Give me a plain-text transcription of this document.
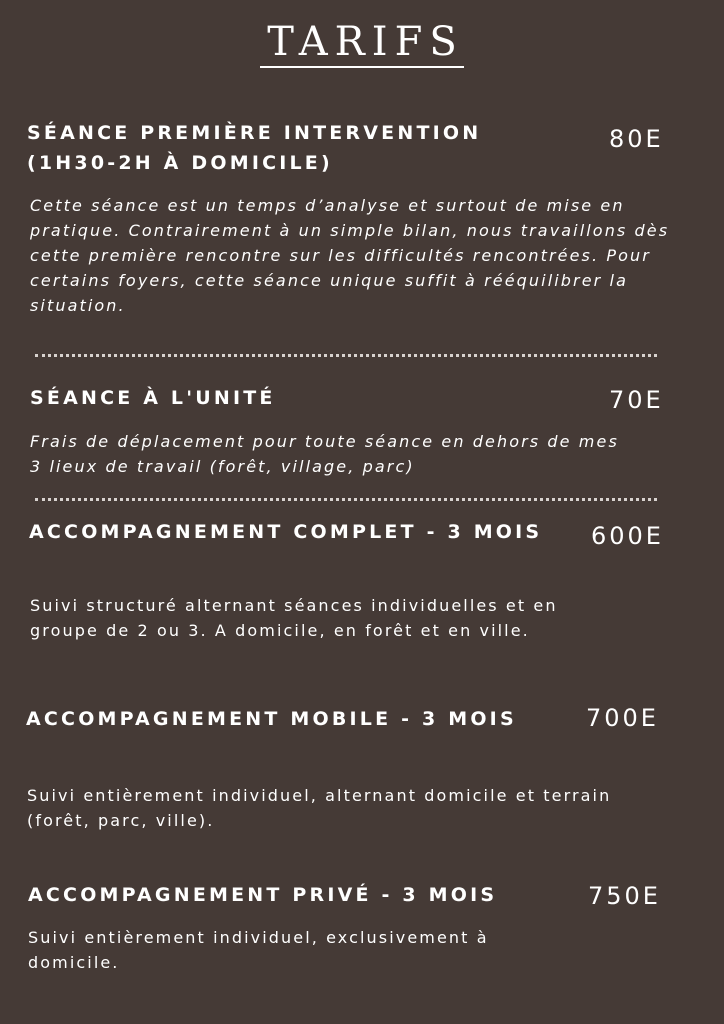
TARIFS
SÉANCE PREMIÈRE INTERVENTION (1H30-2H À DOMICILE)
80E

Cette séance est un temps d’analyse et surtout de mise en pratique. Contrairement à un simple bilan, nous travaillons dès cette première rencontre sur les difficultés rencontrées. Pour certains foyers, cette séance unique suffit à rééquilibrer la situation.

SÉANCE À L'UNITÉ	70E

Frais de déplacement pour toute séance en dehors de mes 3 lieux de travail (forêt, village, parc)

ACCOMPAGNEMENT COMPLET - 3 MOIS	600E

Suivi structuré alternant séances individuelles et en groupe de 2 ou 3. A domicile, en forêt et en ville.

ACCOMPAGNEMENT MOBILE - 3 MOIS	700E

Suivi entièrement individuel, alternant domicile et terrain (forêt, parc, ville).

ACCOMPAGNEMENT PRIVÉ - 3 MOIS	750E

Suivi entièrement individuel, exclusivement à domicile.
